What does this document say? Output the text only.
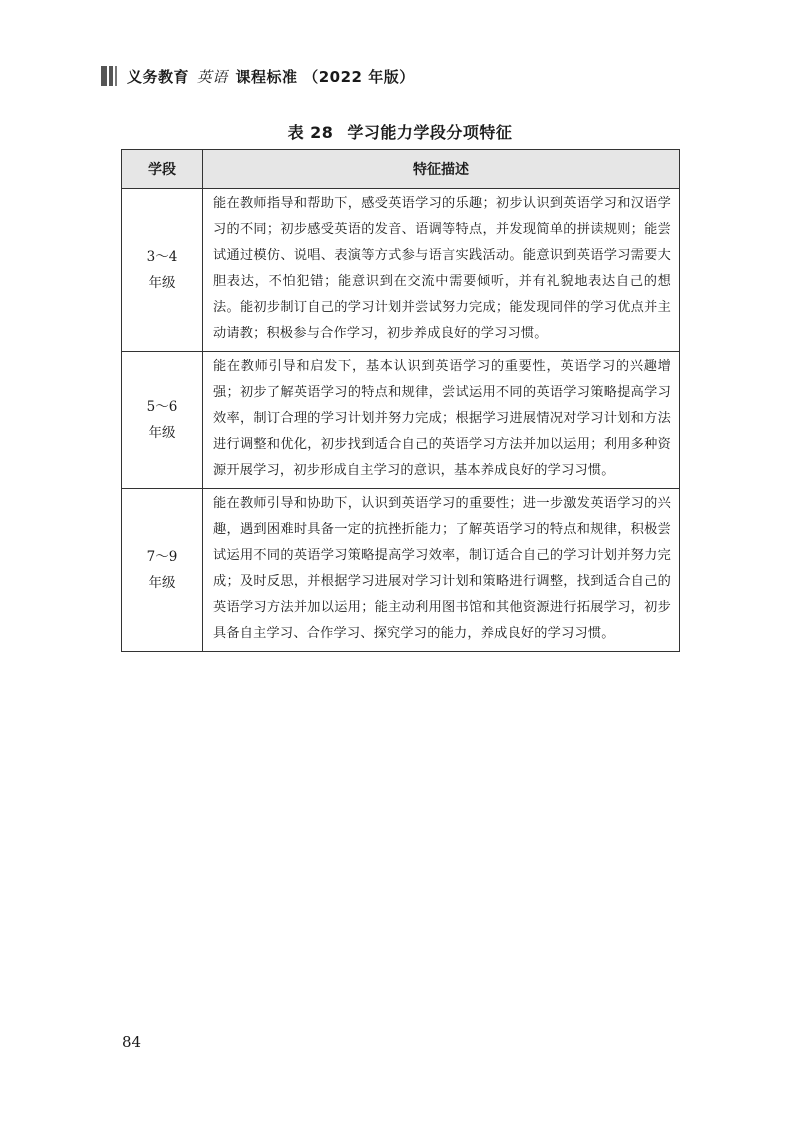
义务教育 英语 课程标准 （2022 年版）
表 28 学习能力学段分项特征
学段	特征描述

3～4
年级	能在教师指导和帮助下，感受英语学习的乐趣；初步认识到英语学习和汉语学习的不同；初步感受英语的发音、语调等特点，并发现简单的拼读规则；能尝试通过模仿、说唱、表演等方式参与语言实践活动。能意识到英语学习需要大胆表达，不怕犯错；能意识到在交流中需要倾听，并有礼貌地表达自己的想法。能初步制订自己的学习计划并尝试努力完成；能发现同伴的学习优点并主动请教；积极参与合作学习，初步养成良好的学习习惯。

5～6
年级	能在教师引导和启发下，基本认识到英语学习的重要性，英语学习的兴趣增强；初步了解英语学习的特点和规律，尝试运用不同的英语学习策略提高学习效率，制订合理的学习计划并努力完成；根据学习进展情况对学习计划和方法进行调整和优化，初步找到适合自己的英语学习方法并加以运用；利用多种资源开展学习，初步形成自主学习的意识，基本养成良好的学习习惯。

7～9
年级	能在教师引导和协助下，认识到英语学习的重要性；进一步激发英语学习的兴趣，遇到困难时具备一定的抗挫折能力；了解英语学习的特点和规律，积极尝试运用不同的英语学习策略提高学习效率，制订适合自己的学习计划并努力完成；及时反思，并根据学习进展对学习计划和策略进行调整，找到适合自己的英语学习方法并加以运用；能主动利用图书馆和其他资源进行拓展学习，初步具备自主学习、合作学习、探究学习的能力，养成良好的学习习惯。
84
